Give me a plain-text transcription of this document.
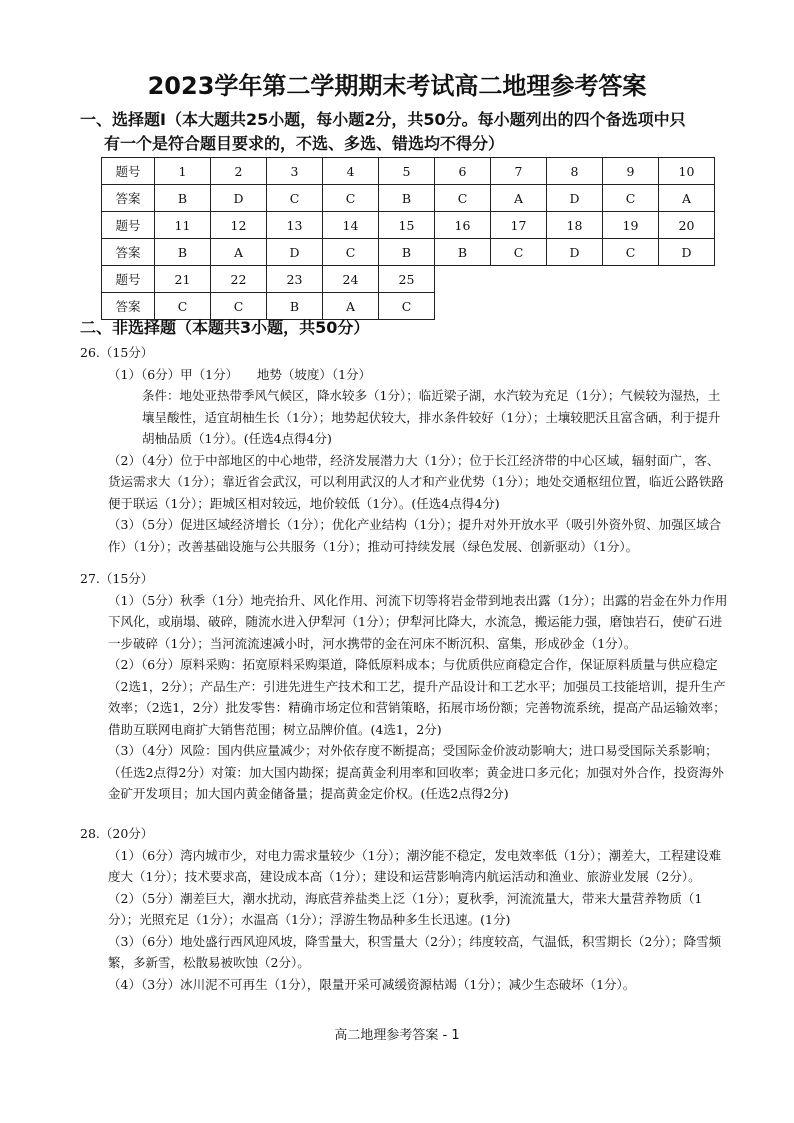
2023学年第二学期期末考试高二地理参考答案
一、选择题Ⅰ（本大题共25小题，每小题2分，共50分。每小题列出的四个备选项中只
有一个是符合题目要求的，不选、多选、错选均不得分）
题号	1	2	3	4	5	6	7	8	9	10
答案	B	D	C	C	B	C	A	D	C	A
题号	11	12	13	14	15	16	17	18	19	20
答案	B	A	D	C	B	B	C	D	C	D
题号	21	22	23	24	25					
答案	C	C	B	A	C					
二、非选择题（本题共3小题，共50分）
26.（15分）
（1）（6分）甲（1分）　　地势（坡度）（1分）
条件：地处亚热带季风气候区，降水较多（1分）；临近梁子湖，水汽较为充足（1分）；气候较为湿热，土壤呈酸性，适宜胡柚生长（1分）；地势起伏较大，排水条件较好（1分）；土壤较肥沃且富含硒，利于提升胡柚品质（1分）。(任选4点得4分)
（2）（4分）位于中部地区的中心地带，经济发展潜力大（1分）；位于长江经济带的中心区域，辐射面广，客、货运需求大（1分）；靠近省会武汉，可以利用武汉的人才和产业优势（1分）；地处交通枢纽位置，临近公路铁路便于联运（1分）；距城区相对较远，地价较低（1分）。(任选4点得4分)
（3）（5分）促进区域经济增长（1分）；优化产业结构（1分）；提升对外开放水平（吸引外资外贸、加强区域合作）（1分）；改善基础设施与公共服务（1分）；推动可持续发展（绿色发展、创新驱动）（1分）。
27.（15分）
（1）（5分）秋季（1分）地壳抬升、风化作用、河流下切等将岩金带到地表出露（1分）；出露的岩金在外力作用下风化，或崩塌、破碎，随流水进入伊犁河（1分）；伊犁河比降大，水流急，搬运能力强，磨蚀岩石，使矿石进一步破碎（1分）；当河流流速减小时，河水携带的金在河床不断沉积、富集，形成砂金（1分）。
（2）（6分）原料采购：拓宽原料采购渠道，降低原料成本；与优质供应商稳定合作，保证原料质量与供应稳定（2选1，2分）；产品生产：引进先进生产技术和工艺，提升产品设计和工艺水平；加强员工技能培训，提升生产效率；（2选1，2分）批发零售：精确市场定位和营销策略，拓展市场份额；完善物流系统，提高产品运输效率；借助互联网电商扩大销售范围；树立品牌价值。(4选1，2分)
（3）（4分）风险：国内供应量减少；对外依存度不断提高；受国际金价波动影响大；进口易受国际关系影响；（任选2点得2分）对策：加大国内勘探；提高黄金利用率和回收率；黄金进口多元化；加强对外合作，投资海外金矿开发项目；加大国内黄金储备量；提高黄金定价权。(任选2点得2分)
28.（20分）
（1）（6分）湾内城市少，对电力需求量较少（1分）；潮汐能不稳定，发电效率低（1分）；潮差大，工程建设难度大（1分）；技术要求高，建设成本高（1分）；建设和运营影响湾内航运活动和渔业、旅游业发展（2分）。
（2）（5分）潮差巨大，潮水扰动，海底营养盐类上泛（1分）；夏秋季，河流流量大，带来大量营养物质（1分）；光照充足（1分）；水温高（1分）；浮游生物品种多生长迅速。(1分)
（3）（6分）地处盛行西风迎风坡，降雪量大，积雪量大（2分）；纬度较高，气温低，积雪期长（2分）；降雪频繁，多新雪，松散易被吹蚀（2分）。
（4）（3分）冰川泥不可再生（1分），限量开采可减缓资源枯竭（1分）；减少生态破坏（1分）。
高二地理参考答案 - 1
